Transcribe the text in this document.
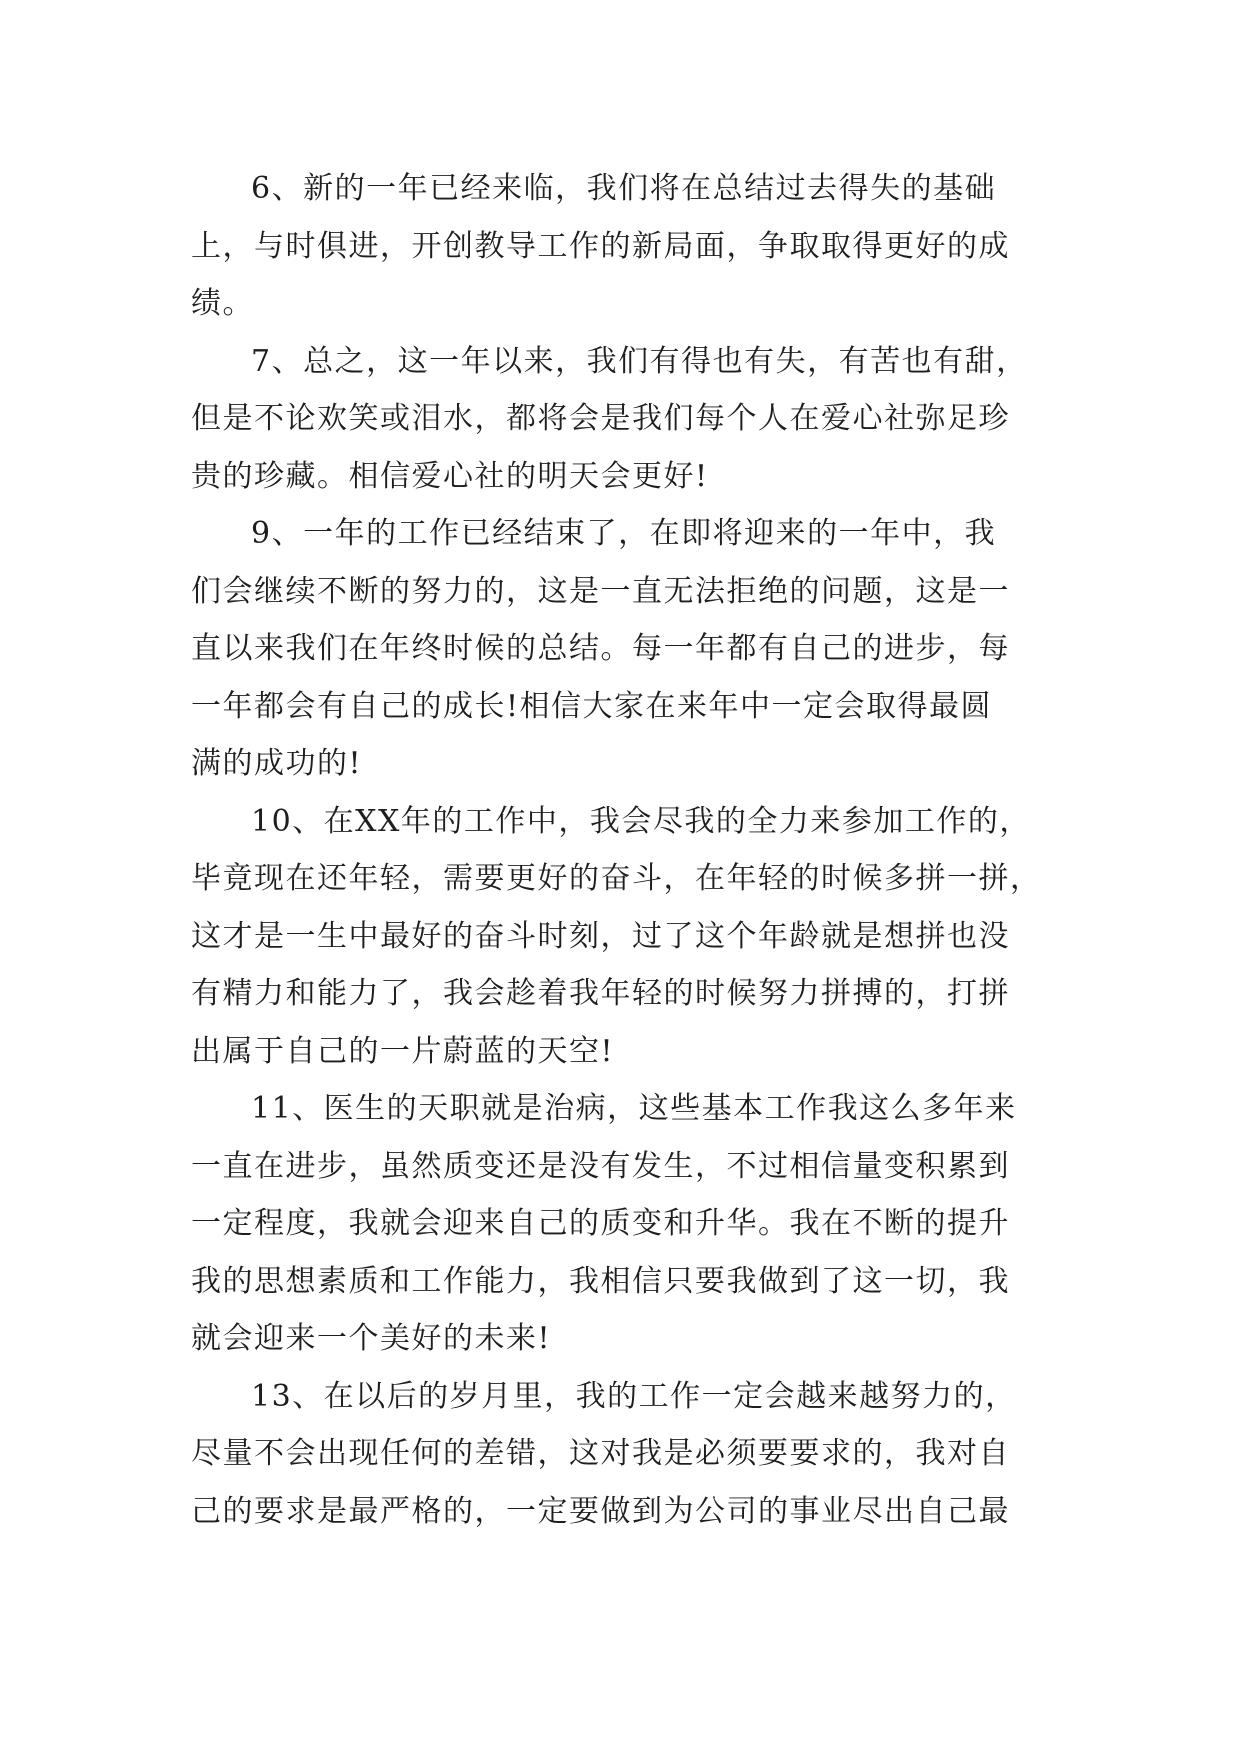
6、新的一年已经来临，我们将在总结过去得失的基础
上，与时俱进，开创教导工作的新局面，争取取得更好的成
绩。
7、总之，这一年以来，我们有得也有失，有苦也有甜，
但是不论欢笑或泪水，都将会是我们每个人在爱心社弥足珍
贵的珍藏。相信爱心社的明天会更好!
9、一年的工作已经结束了，在即将迎来的一年中，我
们会继续不断的努力的，这是一直无法拒绝的问题，这是一
直以来我们在年终时候的总结。每一年都有自己的进步，每
一年都会有自己的成长!相信大家在来年中一定会取得最圆
满的成功的!
10、在XX年的工作中，我会尽我的全力来参加工作的，
毕竟现在还年轻，需要更好的奋斗，在年轻的时候多拼一拼，
这才是一生中最好的奋斗时刻，过了这个年龄就是想拼也没
有精力和能力了，我会趁着我年轻的时候努力拼搏的，打拼
出属于自己的一片蔚蓝的天空!
11、医生的天职就是治病，这些基本工作我这么多年来
一直在进步，虽然质变还是没有发生，不过相信量变积累到
一定程度，我就会迎来自己的质变和升华。我在不断的提升
我的思想素质和工作能力，我相信只要我做到了这一切，我
就会迎来一个美好的未来!
13、在以后的岁月里，我的工作一定会越来越努力的，
尽量不会出现任何的差错，这对我是必须要要求的，我对自
己的要求是最严格的，一定要做到为公司的事业尽出自己最
